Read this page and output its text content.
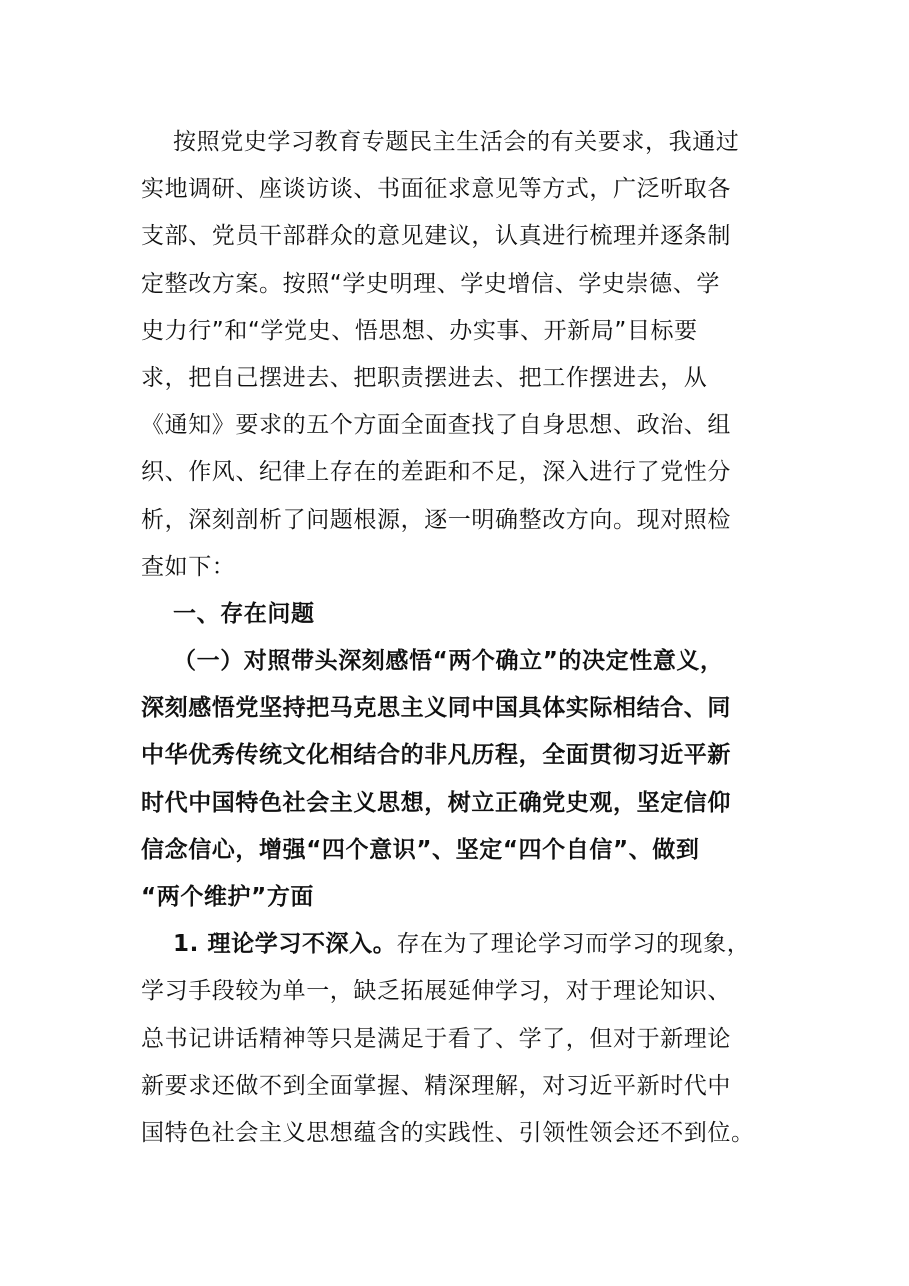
按照党史学习教育专题民主生活会的有关要求，我通过
实地调研、座谈访谈、书面征求意见等方式，广泛听取各
支部、党员干部群众的意见建议，认真进行梳理并逐条制
定整改方案。按照“学史明理、学史增信、学史崇德、学
史力行”和“学党史、悟思想、办实事、开新局”目标要
求，把自己摆进去、把职责摆进去、把工作摆进去，从
《通知》要求的五个方面全面查找了自身思想、政治、组
织、作风、纪律上存在的差距和不足，深入进行了党性分
析，深刻剖析了问题根源，逐一明确整改方向。现对照检
查如下：
一、存在问题
（一）对照带头深刻感悟“两个确立”的决定性意义，
深刻感悟党坚持把马克思主义同中国具体实际相结合、同
中华优秀传统文化相结合的非凡历程，全面贯彻习近平新
时代中国特色社会主义思想，树立正确党史观，坚定信仰
信念信心，增强“四个意识”、坚定“四个自信”、做到
“两个维护”方面
1. 理论学习不深入。存在为了理论学习而学习的现象，
学习手段较为单一，缺乏拓展延伸学习，对于理论知识、
总书记讲话精神等只是满足于看了、学了，但对于新理论
新要求还做不到全面掌握、精深理解，对习近平新时代中
国特色社会主义思想蕴含的实践性、引领性领会还不到位。
